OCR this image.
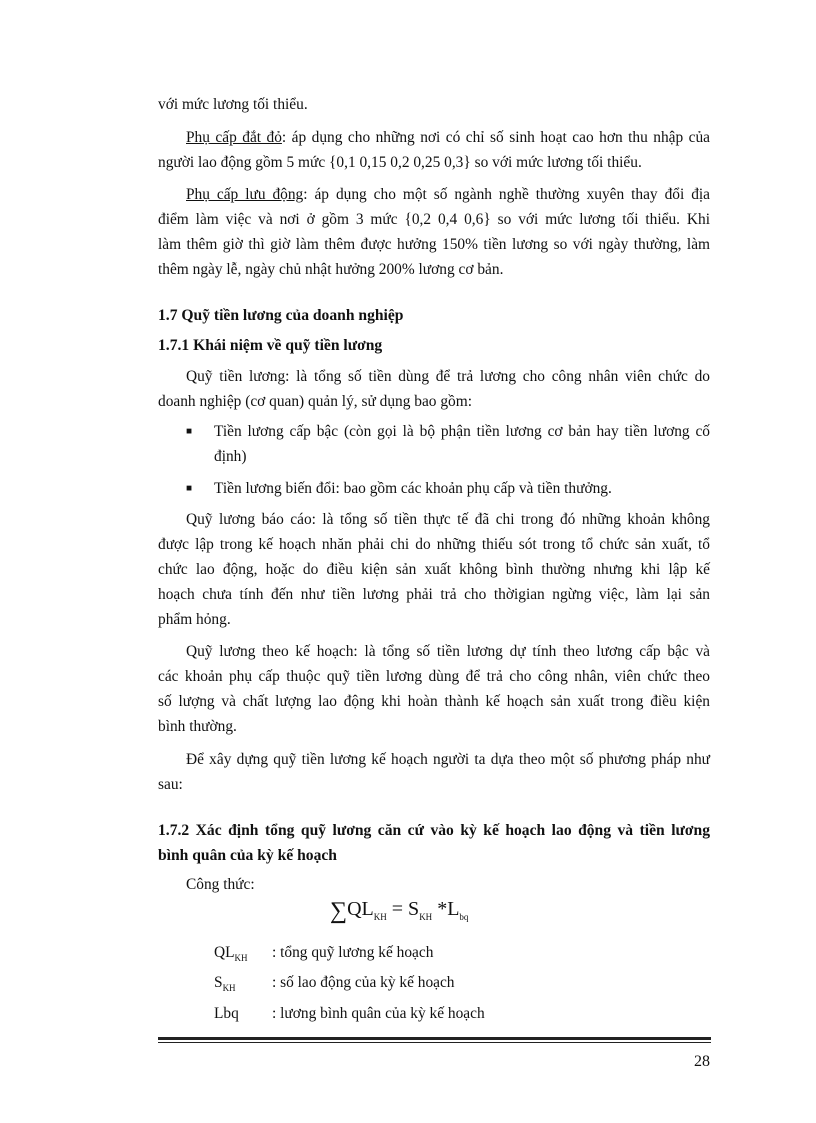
với mức lương tối thiểu.

Phụ cấp đắt đỏ: áp dụng cho những nơi có chỉ số sinh hoạt cao hơn thu nhập của
người lao động gồm 5 mức {0,1 0,15 0,2 0,25 0,3} so với mức lương tối thiểu.

Phụ cấp lưu động: áp dụng cho một số ngành nghề thường xuyên thay đổi địa
điểm làm việc và nơi ở gồm 3 mức {0,2 0,4 0,6} so với mức lương tối thiểu. Khi
làm thêm giờ thì giờ làm thêm được hưởng 150% tiền lương so với ngày thường, làm
thêm ngày lễ, ngày chủ nhật hưởng 200% lương cơ bản.

1.7 Quỹ tiền lương của doanh nghiệp
1.7.1 Khái niệm về quỹ tiền lương

Quỹ tiền lương: là tổng số tiền dùng để trả lương cho công nhân viên chức do
doanh nghiệp (cơ quan) quản lý, sử dụng bao gồm:

■ Tiền lương cấp bậc (còn gọi là bộ phận tiền lương cơ bản hay tiền lương cố
định)
■ Tiền lương biến đổi: bao gồm các khoản phụ cấp và tiền thưởng.

Quỹ lương báo cáo: là tổng số tiền thực tế đã chi trong đó những khoản không
được lập trong kế hoạch nhăn phải chi do những thiếu sót trong tổ chức sản xuất, tổ
chức lao động, hoặc do điều kiện sản xuất không bình thường nhưng khi lập kế
hoạch chưa tính đến như tiền lương phải trả cho thờigian ngừng việc, làm lại sản
phẩm hỏng.

Quỹ lương theo kế hoạch: là tổng số tiền lương dự tính theo lương cấp bậc và
các khoản phụ cấp thuộc quỹ tiền lương dùng để trả cho công nhân, viên chức theo
số lượng và chất lượng lao động khi hoàn thành kế hoạch sản xuất trong điều kiện
bình thường.

Để xây dựng quỹ tiền lương kế hoạch người ta dựa theo một số phương pháp như
sau:

1.7.2 Xác định tổng quỹ lương căn cứ vào kỳ kế hoạch lao động và tiền lương
bình quân của kỳ kế hoạch

Công thức:

$\sum QL_{KH} = S_{KH}$ $*L_{bq}$
$QL_{KH}$ : tổng quỹ lương kế hoạch
$S_{KH}$ : số lao động của kỳ kế hoạch
Lbq : lương bình quân của kỳ kế hoạch
28
